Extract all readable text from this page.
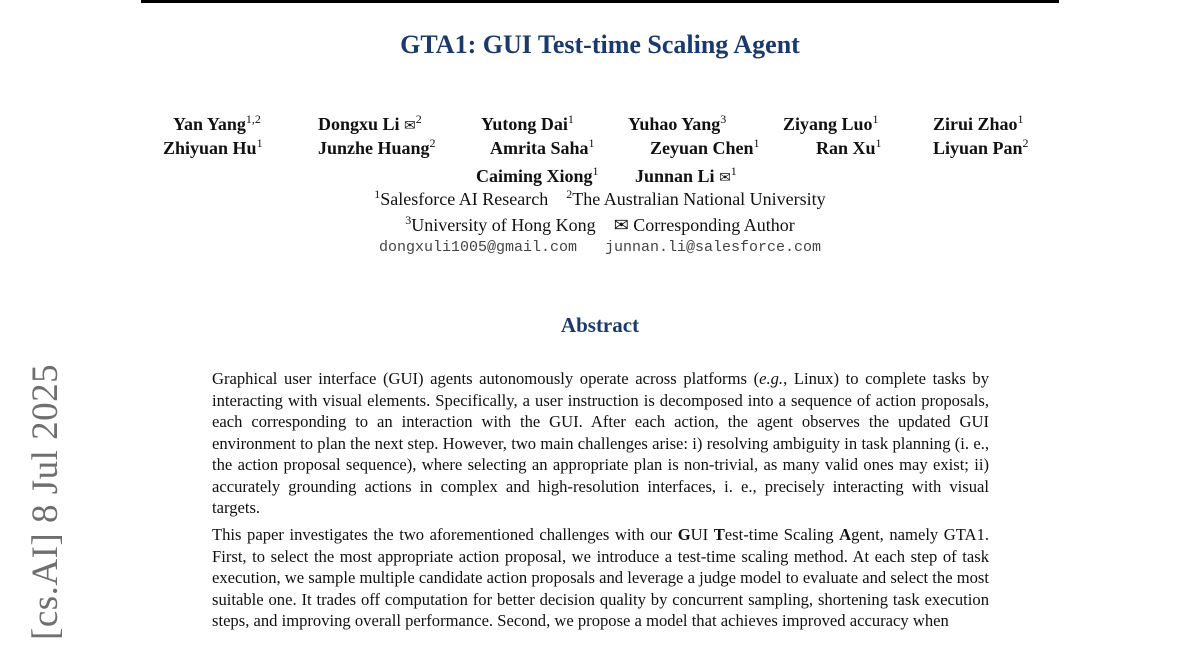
[cs.AI] 8 Jul 2025
GTA1: GUI Test-time Scaling Agent
Yan Yang$^{1,2}$	Dongxu Li ✉$^2$	Yutong Dai$^1$	Yuhao Yang$^3$	Ziyang Luo$^1$	Zirui Zhao$^1$
Zhiyuan Hu$^1$	Junzhe Huang$^2$	Amrita Saha$^1$	Zeyuan Chen$^1$	Ran Xu$^1$	Liyuan Pan$^2$
Caiming Xiong$^1$ Junnan Li ✉$^1$
$^1$Salesforce AI Research $^2$The Australian National University
$^3$University of Hong Kong ✉ Corresponding Author
dongxuli1005@gmail.com junnan.li@salesforce.com
Abstract
Graphical user interface (GUI) agents autonomously operate across platforms (e.g., Linux) to complete tasks by interacting with visual elements. Specifically, a user instruction is decomposed into a sequence of action proposals, each corresponding to an interaction with the GUI. After each action, the agent observes the updated GUI environment to plan the next step. However, two main challenges arise: i) resolving ambiguity in task planning (i. e., the action proposal sequence), where selecting an appropriate plan is non-trivial, as many valid ones may exist; ii) accurately grounding actions in complex and high-resolution interfaces, i. e., precisely interacting with visual targets.
This paper investigates the two aforementioned challenges with our GUI Test-time Scaling Agent, namely GTA1. First, to select the most appropriate action proposal, we introduce a test-time scaling method. At each step of task execution, we sample multiple candidate action proposals and leverage a judge model to evaluate and select the most suitable one. It trades off computation for better decision quality by concurrent sampling, shortening task execution steps, and improving overall performance. Second, we propose a model that achieves improved accuracy when
